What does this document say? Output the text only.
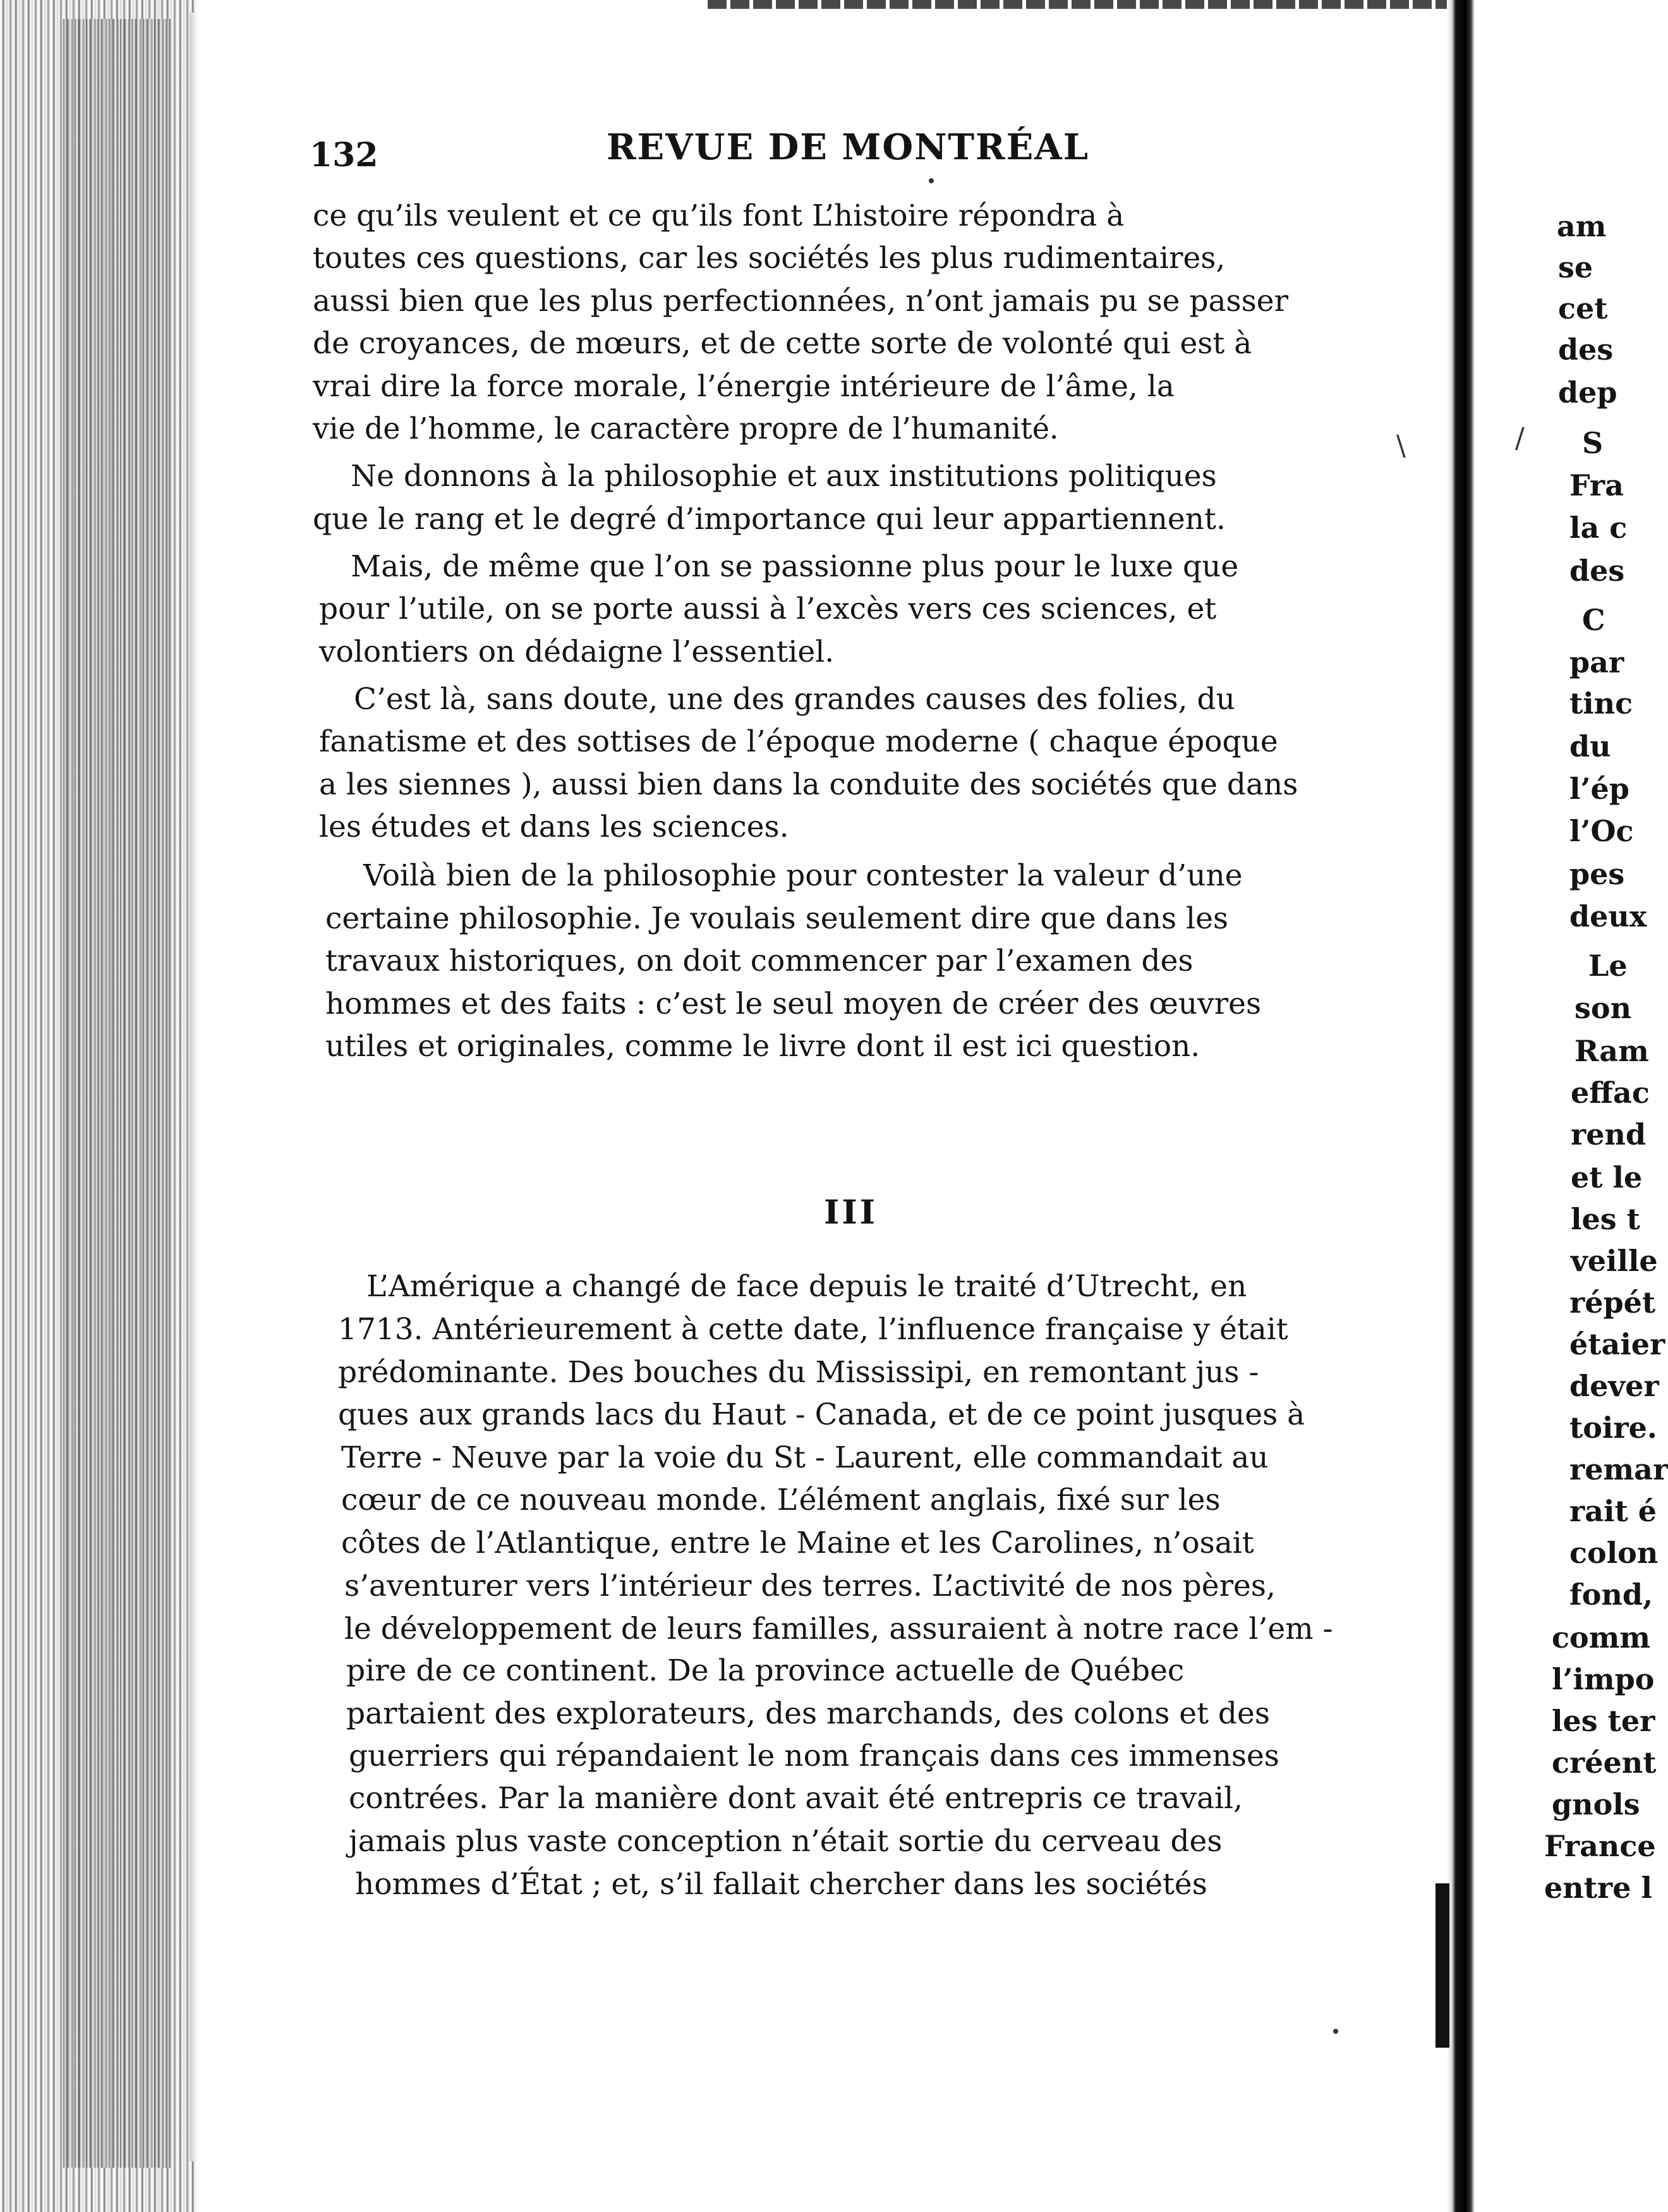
132	REVUE DE MONTRÉAL
ce qu’ils veulent et ce qu’ils font L’histoire répondra à
toutes ces questions, car les sociétés les plus rudimentaires,
aussi bien que les plus perfectionnées, n’ont jamais pu se passer
de croyances, de mœurs, et de cette sorte de volonté qui est à
vrai dire la force morale, l’énergie intérieure de l’âme, la
vie de l’homme, le caractère propre de l’humanité.
Ne donnons à la philosophie et aux institutions politiques
que le rang et le degré d’importance qui leur appartiennent.
Mais, de même que l’on se passionne plus pour le luxe que
pour l’utile, on se porte aussi à l’excès vers ces sciences, et
volontiers on dédaigne l’essentiel.
C’est là, sans doute, une des grandes causes des folies, du
fanatisme et des sottises de l’époque moderne ( chaque époque
a les siennes ), aussi bien dans la conduite des sociétés que dans
les études et dans les sciences.
Voilà bien de la philosophie pour contester la valeur d’une
certaine philosophie. Je voulais seulement dire que dans les
travaux historiques, on doit commencer par l’examen des
hommes et des faits : c’est le seul moyen de créer des œuvres
utiles et originales, comme le livre dont il est ici question.
III
L’Amérique a changé de face depuis le traité d’Utrecht, en
1713. Antérieurement à cette date, l’influence française y était
prédominante. Des bouches du Mississipi, en remontant jus -
ques aux grands lacs du Haut - Canada, et de ce point jusques à
Terre - Neuve par la voie du St - Laurent, elle commandait au
cœur de ce nouveau monde. L’élément anglais, fixé sur les
côtes de l’Atlantique, entre le Maine et les Carolines, n’osait
s’aventurer vers l’intérieur des terres. L’activité de nos pères,
le développement de leurs familles, assuraient à notre race l’em -
pire de ce continent. De la province actuelle de Québec
partaient des explorateurs, des marchands, des colons et des
guerriers qui répandaient le nom français dans ces immenses
contrées. Par la manière dont avait été entrepris ce travail,
jamais plus vaste conception n’était sortie du cerveau des
hommes d’État ; et, s’il fallait chercher dans les sociétés
\	/
am
se
cet
des
dep
S
Fra
la c
des
C
par
tinc
du
l’ép
l’Oc
pes
deux
Le
son
Ram
effac
rend
et le
les t
veille
répét
étaier
dever
toire.
remar
rait é
colon
fond,
comm
l’impo
les ter
créent
gnols
France
entre l
